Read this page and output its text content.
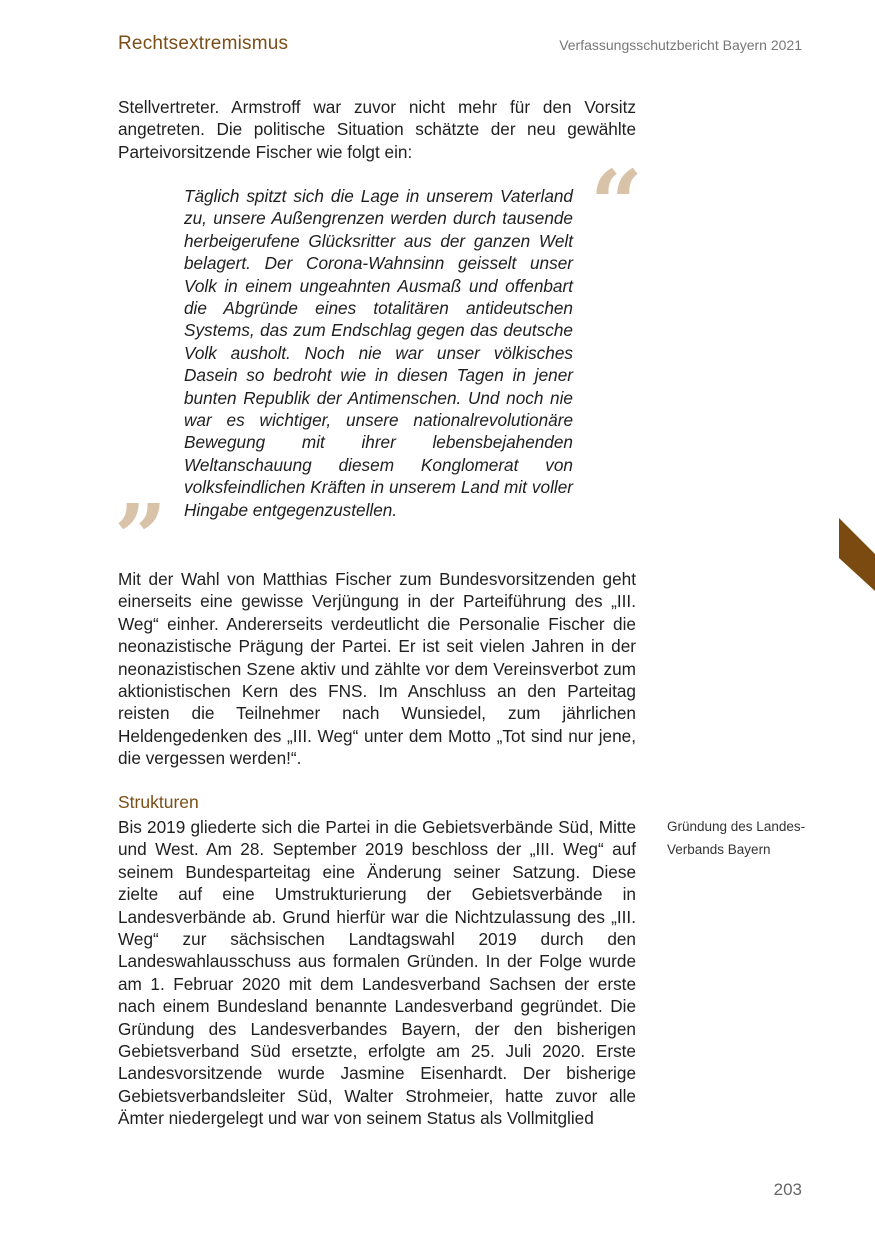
Rechtsextremismus	Verfassungsschutzbericht Bayern 2021

Stellvertreter. Armstroff war zuvor nicht mehr für den Vorsitz angetreten. Die politische Situation schätzte der neu gewählte Parteivorsitzende Fischer wie folgt ein:	“

Täglich spitzt sich die Lage in unserem Vaterland zu, unsere Außengrenzen werden durch tausende herbeigerufene Glücksritter aus der ganzen Welt belagert. Der Corona-Wahnsinn geisselt unser Volk in einem ungeahnten Ausmaß und offenbart die Abgründe eines totalitären antideutschen Systems, das zum Endschlag gegen das deutsche Volk ausholt. Noch nie war unser völkisches Dasein so bedroht wie in diesen Tagen in jener bunten Republik der Antimenschen. Und noch nie war es wichtiger, unsere nationalrevolutionäre Bewegung mit ihrer lebensbejahenden Weltanschauung diesem Konglomerat von volksfeindlichen Kräften in unserem Land mit voller Hingabe entgegenzustellen.

”

Mit der Wahl von Matthias Fischer zum Bundesvorsitzenden geht einerseits eine gewisse Verjüngung in der Parteiführung des „III. Weg“ einher. Andererseits verdeutlicht die Personalie Fischer die neonazistische Prägung der Partei. Er ist seit vielen Jahren in der neonazistischen Szene aktiv und zählte vor dem Vereinsverbot zum aktionistischen Kern des FNS. Im Anschluss an den Parteitag reisten die Teilnehmer nach Wunsiedel, zum jährlichen Heldengedenken des „III. Weg“ unter dem Motto „Tot sind nur jene, die vergessen werden!“.

Strukturen

Bis 2019 gliederte sich die Partei in die Gebietsverbände Süd, Mitte und West. Am 28. September 2019 beschloss der „III. Weg“ auf seinem Bundesparteitag eine Änderung seiner Satzung. Diese zielte auf eine Umstrukturierung der Gebietsverbände in Landesverbände ab. Grund hierfür war die Nichtzulassung des „III. Weg“ zur sächsischen Landtagswahl 2019 durch den Landeswahlausschuss aus formalen Gründen. In der Folge wurde am 1. Februar 2020 mit dem Landesverband Sachsen der erste nach einem Bundesland benannte Landesverband gegründet. Die Gründung des Landesverbandes Bayern, der den bisherigen Gebietsverband Süd ersetzte, erfolgte am 25. Juli 2020. Erste Landesvorsitzende wurde Jasmine Eisenhardt. Der bisherige Gebietsverbandsleiter Süd, Walter Strohmeier, hatte zuvor alle Ämter niedergelegt und war von seinem Status als Vollmitglied

Gründung des Landes-Verbands Bayern
203
